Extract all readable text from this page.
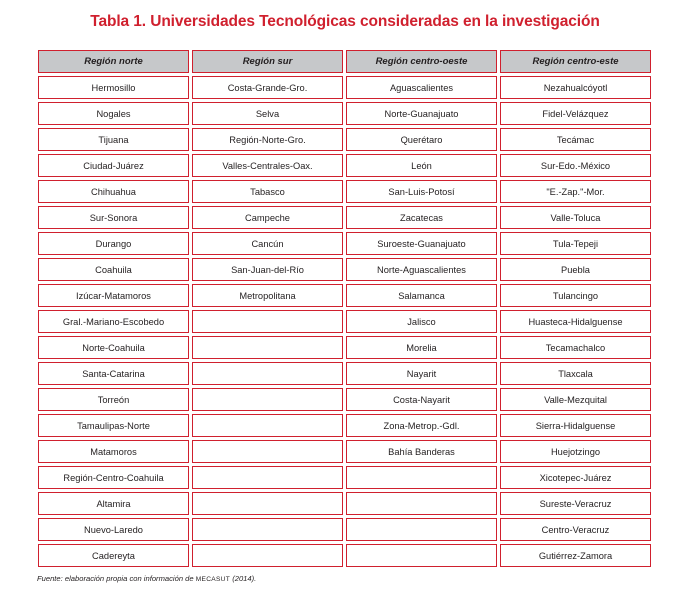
Tabla 1. Universidades Tecnológicas consideradas en la investigación
Región norte	Región sur	Región centro-oeste	Región centro-este
Hermosillo	Costa-Grande-Gro.	Aguascalientes	Nezahualcóyotl
Nogales	Selva	Norte-Guanajuato	Fidel-Velázquez
Tijuana	Región-Norte-Gro.	Querétaro	Tecámac
Ciudad-Juárez	Valles-Centrales-Oax.	León	Sur-Edo.-México
Chihuahua	Tabasco	San-Luis-Potosí	"E.-Zap."-Mor.
Sur-Sonora	Campeche	Zacatecas	Valle-Toluca
Durango	Cancún	Suroeste-Guanajuato	Tula-Tepeji
Coahuila	San-Juan-del-Río	Norte-Aguascalientes	Puebla
Izúcar-Matamoros	Metropolitana	Salamanca	Tulancingo
Gral.-Mariano-Escobedo		Jalisco	Huasteca-Hidalguense
Norte-Coahuila		Morelia	Tecamachalco
Santa-Catarina		Nayarit	Tlaxcala
Torreón		Costa-Nayarit	Valle-Mezquital
Tamaulipas-Norte		Zona-Metrop.-Gdl.	Sierra-Hidalguense
Matamoros		Bahía Banderas	Huejotzingo
Región-Centro-Coahuila			Xicotepec-Juárez
Altamira			Sureste-Veracruz
Nuevo-Laredo			Centro-Veracruz
Cadereyta			Gutiérrez-Zamora
Fuente: elaboración propia con información de MECASUT (2014).
